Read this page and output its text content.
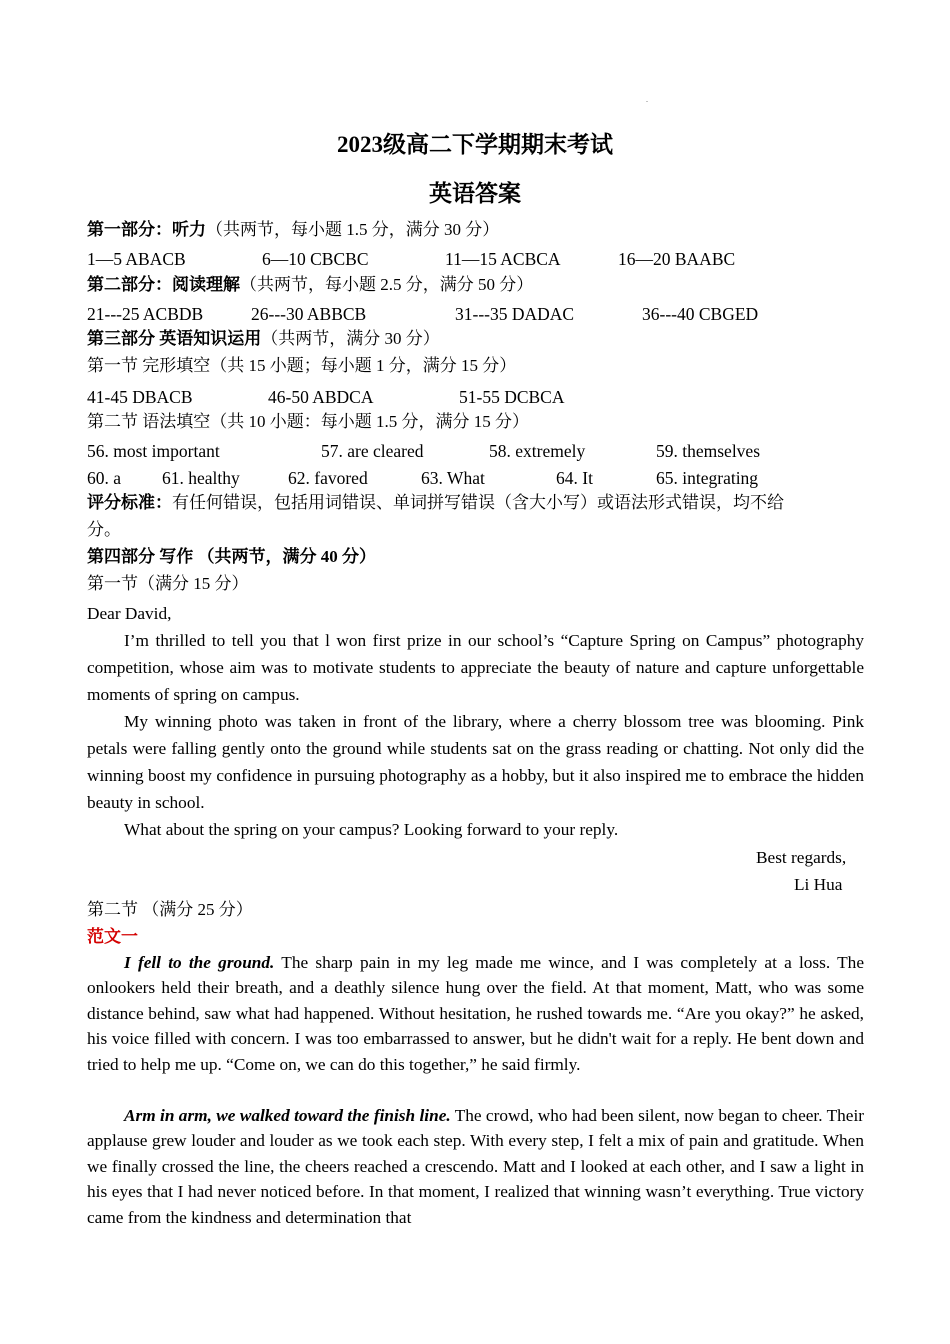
.
2023级高二下学期期末考试
英语答案
第一部分：听力（共两节，每小题 1.5 分，满分 30 分）
1—5 ABACB	6—10 CBCBC	11—15 ACBCA	16—20 BAABC
第二部分：阅读理解（共两节，每小题 2.5 分，满分 50 分）
21---25 ACBDB	26---30 ABBCB	31---35 DADAC	36---40 CBGED
第三部分 英语知识运用（共两节，满分 30 分）
第一节 完形填空（共 15 小题；每小题 1 分，满分 15 分）
41-45 DBACB	46-50 ABDCA	51-55 DCBCA
第二节 语法填空（共 10 小题：每小题 1.5 分，满分 15 分）
56. most important	57. are cleared	58. extremely	59. themselves
60. a 61. healthy	62. favored	63. What	64. It	65. integrating
评分标准：有任何错误，包括用词错误、单词拼写错误（含大小写）或语法形式错误，均不给
分。
第四部分 写作 （共两节，满分 40 分）
第一节（满分 15 分）
Dear David,
I’m thrilled to tell you that l won first prize in our school’s “Capture Spring on Campus” photography competition, whose aim was to motivate students to appreciate the beauty of nature and capture unforgettable moments of spring on campus.
My winning photo was taken in front of the library, where a cherry blossom tree was blooming. Pink petals were falling gently onto the ground while students sat on the grass reading or chatting. Not only did the winning boost my confidence in pursuing photography as a hobby, but it also inspired me to embrace the hidden beauty in school.
What about the spring on your campus? Looking forward to your reply.
Best regards,
Li Hua
第二节 （满分 25 分）
范文一
I fell to the ground. The sharp pain in my leg made me wince, and I was completely at a loss. The onlookers held their breath, and a deathly silence hung over the field. At that moment, Matt, who was some distance behind, saw what had happened. Without hesitation, he rushed towards me. “Are you okay?” he asked, his voice filled with concern. I was too embarrassed to answer, but he didn't wait for a reply. He bent down and tried to help me up. “Come on, we can do this together,” he said firmly.
Arm in arm, we walked toward the finish line. The crowd, who had been silent, now began to cheer. Their applause grew louder and louder as we took each step. With every step, I felt a mix of pain and gratitude. When we finally crossed the line, the cheers reached a crescendo. Matt and I looked at each other, and I saw a light in his eyes that I had never noticed before. In that moment, I realized that winning wasn’t everything. True victory came from the kindness and determination that
